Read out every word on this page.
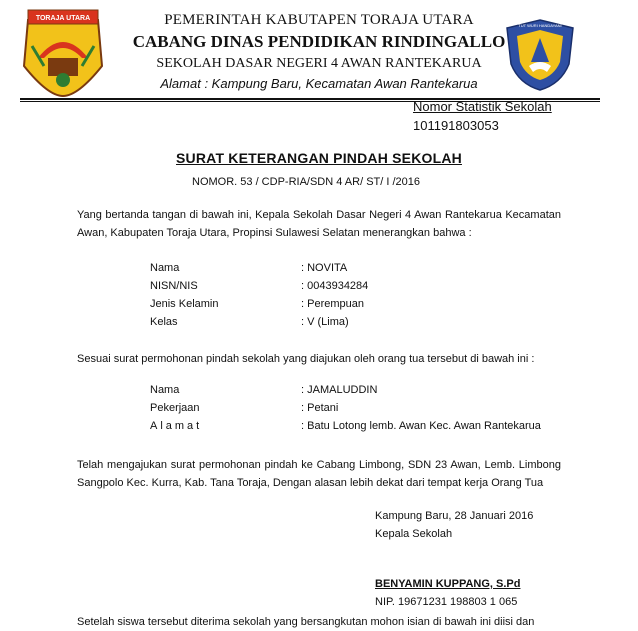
TORAJA UTARA
TUT WURI HANDAYANI
PEMERINTAH KABUTAPEN TORAJA UTARA
CABANG DINAS PENDIDIKAN RINDINGALLO
SEKOLAH DASAR NEGERI 4 AWAN RANTEKARUA
Alamat : Kampung Baru, Kecamatan Awan Rantekarua
Nomor Statistik Sekolah
101191803053
SURAT KETERANGAN PINDAH SEKOLAH
NOMOR. 53 / CDP-RIA/SDN 4 AR/ ST/ I /2016
Yang bertanda tangan di bawah ini, Kepala Sekolah Dasar Negeri 4 Awan Rantekarua Kecamatan Awan, Kabupaten Toraja Utara, Propinsi Sulawesi Selatan menerangkan bahwa :
Nama	: NOVITA
NISN/NIS	: 0043934284
Jenis Kelamin	: Perempuan
Kelas	: V (Lima)
Sesuai surat permohonan pindah sekolah yang diajukan oleh orang tua tersebut di bawah ini :
Nama	: JAMALUDDIN
Pekerjaan	: Petani
Alamat	: Batu Lotong lemb. Awan Kec. Awan Rantekarua
Telah mengajukan surat permohonan pindah ke Cabang Limbong, SDN 23 Awan, Lemb. Limbong Sangpolo Kec. Kurra, Kab. Tana Toraja, Dengan alasan lebih dekat dari tempat kerja Orang Tua
Kampung Baru, 28 Januari 2016
Kepala Sekolah
BENYAMIN KUPPANG, S.Pd
NIP. 19671231 198803 1 065
Setelah siswa tersebut diterima sekolah yang bersangkutan mohon isian di bawah ini diisi dan
